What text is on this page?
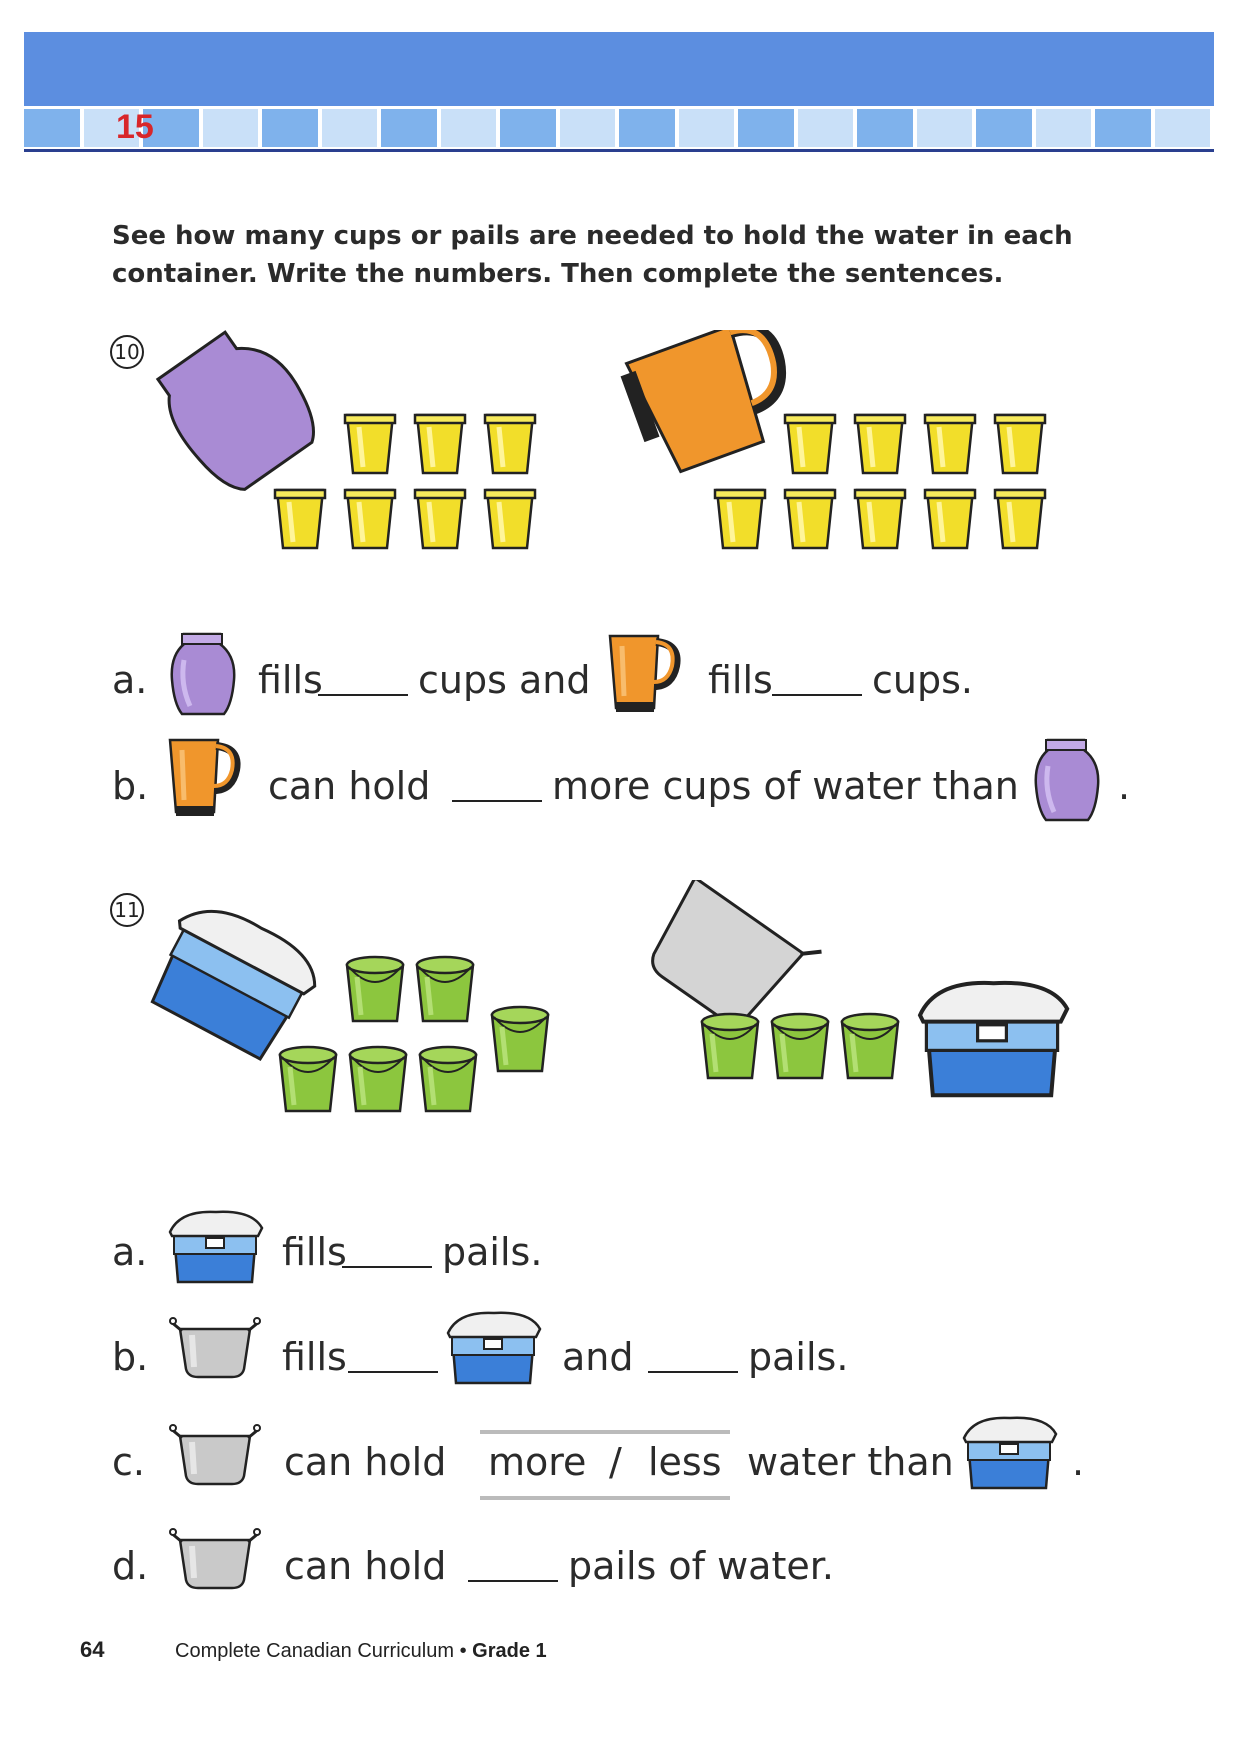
15
See how many cups or pails are needed to hold the water in each container. Write the numbers. Then complete the sentences.
10
a.	fills	cups and	fills	cups.
b.	can hold	more cups of water than	.
11
a.	fills	pails.
b.	fills	and	pails.
c.	can hold more / less water than	.
d.	can hold	pails of water.
64	Complete Canadian Curriculum • Grade 1
